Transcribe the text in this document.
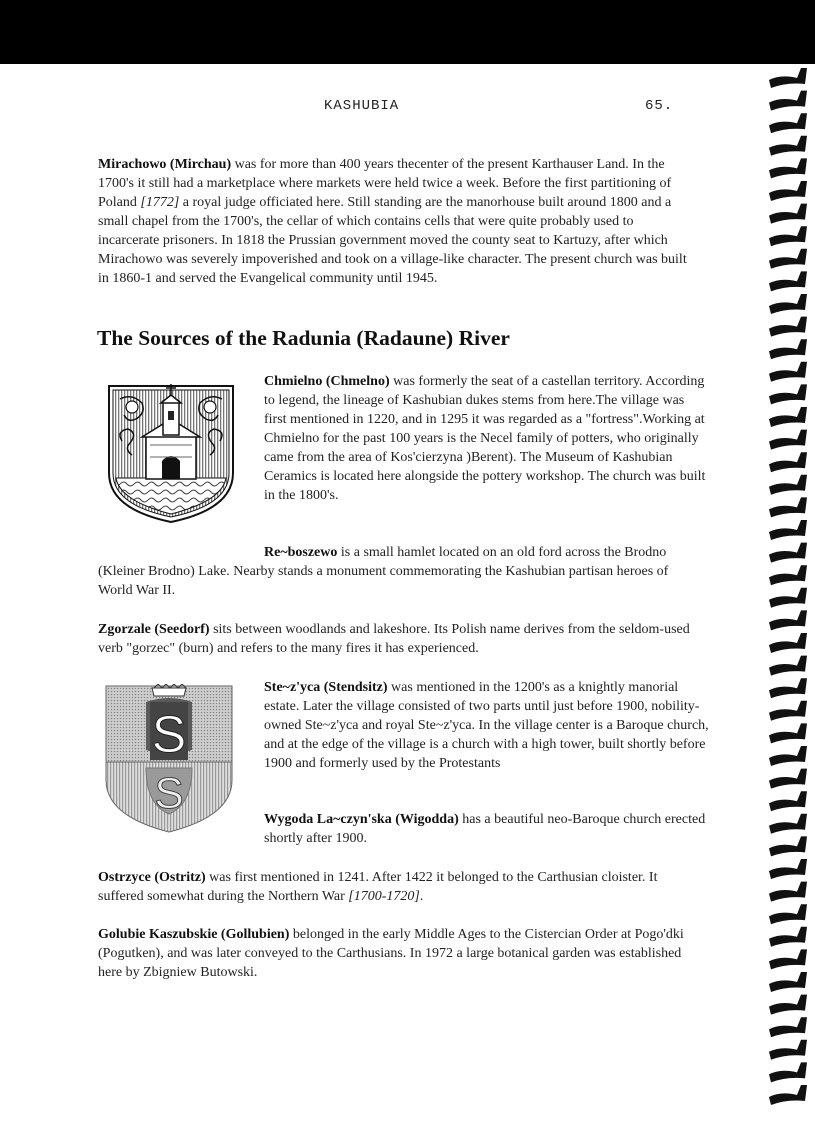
KASHUBIA	65.

Mirachowo (Mirchau) was for more than 400 years thecenter of the present Karthauser Land. In the 1700's it still had a marketplace where markets were held twice a week. Before the first partitioning of Poland [1772] a royal judge officiated here. Still standing are the manorhouse built around 1800 and a small chapel from the 1700's, the cellar of which contains cells that were quite probably used to incarcerate prisoners. In 1818 the Prussian government moved the county seat to Kartuzy, after which Mirachowo was severely impoverished and took on a village-like character. The present church was built in 1860-1 and served the Evangelical community until 1945.

The Sources of the Radunia (Radaune) River

Chmielno (Chmelno) was formerly the seat of a castellan territory. According to legend, the lineage of Kashubian dukes stems from here.The village was first mentioned in 1220, and in 1295 it was regarded as a "fortress".Working at Chmielno for the past 100 years is the Necel family of potters, who originally came from the area of Kos'cierzyna )Berent). The Museum of Kashubian Ceramics is located here alongside the pottery workshop. The church was built in the 1800's.

Re~boszewo is a small hamlet located on an old ford across the Brodno (Kleiner Brodno) Lake. Nearby stands a monument commemorating the Kashubian partisan heroes of World War II.

Zgorzale (Seedorf) sits between woodlands and lakeshore. Its Polish name derives from the seldom-used verb "gorzec" (burn) and refers to the many fires it has experienced.

S
S

Ste~z'yca (Stendsitz) was mentioned in the 1200's as a knightly manorial estate. Later the village consisted of two parts until just before 1900, nobility-owned Ste~z'yca and royal Ste~z'yca. In the village center is a Baroque church, and at the edge of the village is a church with a high tower, built shortly before 1900 and formerly used by the Protestants

Wygoda La~czyn'ska (Wigodda) has a beautiful neo-Baroque church erected shortly after 1900.

Ostrzyce (Ostritz) was first mentioned in 1241. After 1422 it belonged to the Carthusian cloister. It suffered somewhat during the Northern War [1700-1720].

Golubie Kaszubskie (Gollubien) belonged in the early Middle Ages to the Cistercian Order at Pogo'dki (Pogutken), and was later conveyed to the Carthusians. In 1972 a large botanical garden was established here by Zbigniew Butowski.
